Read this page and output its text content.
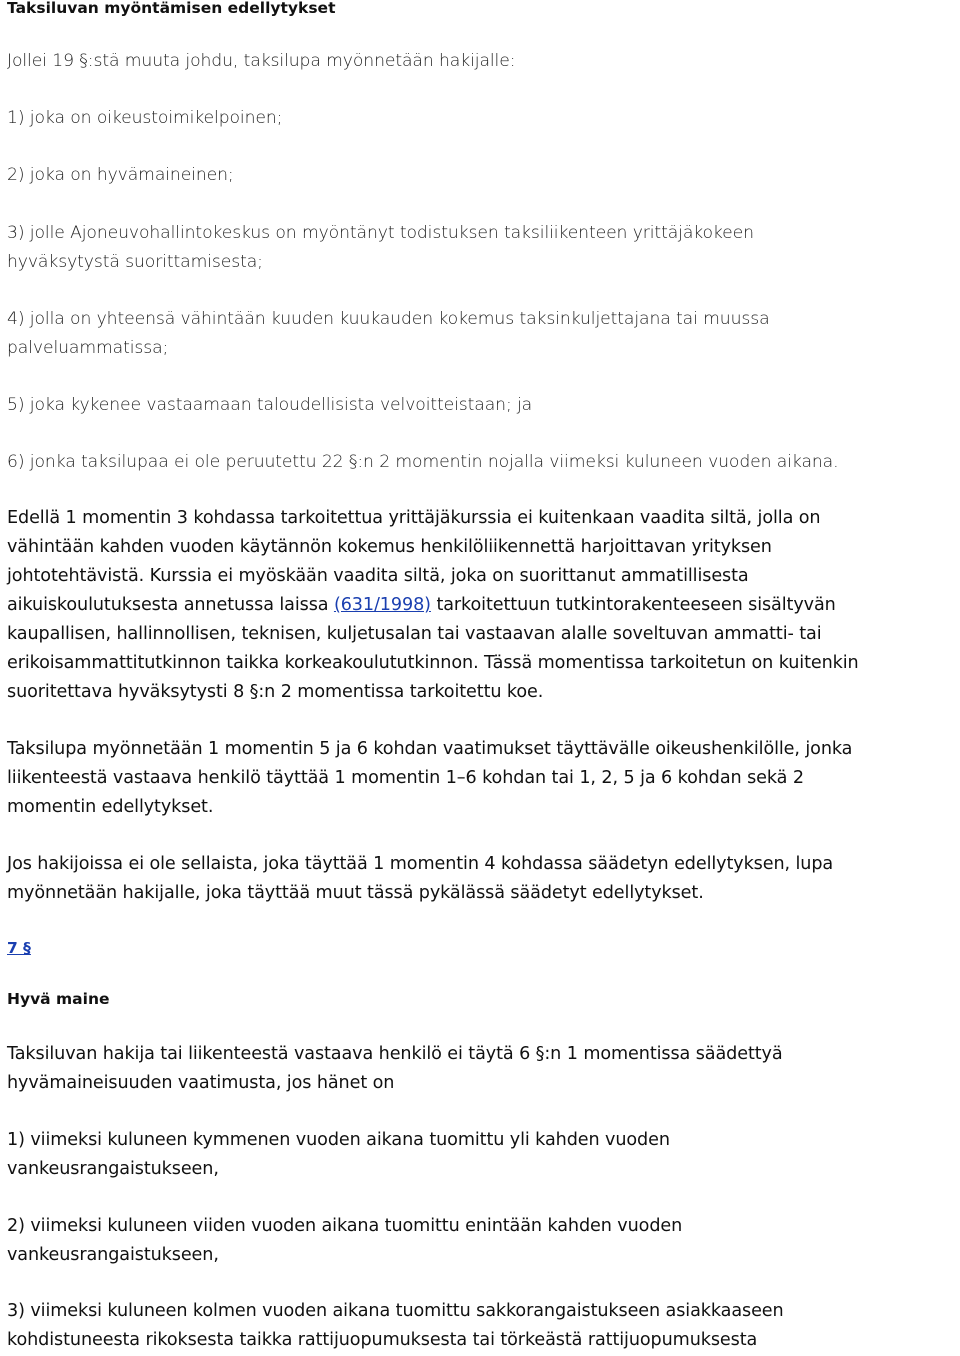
Taksiluvan myöntämisen edellytykset
Jollei 19 §:stä muuta johdu, taksilupa myönnetään hakijalle:
1) joka on oikeustoimikelpoinen;
2) joka on hyvämaineinen;
3) jolle Ajoneuvohallintokeskus on myöntänyt todistuksen taksiliikenteen yrittäjäkokeen
hyväksytystä suorittamisesta;
4) jolla on yhteensä vähintään kuuden kuukauden kokemus taksinkuljettajana tai muussa
palveluammatissa;
5) joka kykenee vastaamaan taloudellisista velvoitteistaan; ja
6) jonka taksilupaa ei ole peruutettu 22 §:n 2 momentin nojalla viimeksi kuluneen vuoden aikana.
Edellä 1 momentin 3 kohdassa tarkoitettua yrittäjäkurssia ei kuitenkaan vaadita siltä, jolla on
vähintään kahden vuoden käytännön kokemus henkilöliikennettä harjoittavan yrityksen
johtotehtävistä. Kurssia ei myöskään vaadita siltä, joka on suorittanut ammatillisesta
aikuiskoulutuksesta annetussa laissa (631/1998) tarkoitettuun tutkintorakenteeseen sisältyvän
kaupallisen, hallinnollisen, teknisen, kuljetusalan tai vastaavan alalle soveltuvan ammatti- tai
erikoisammattitutkinnon taikka korkeakoulututkinnon. Tässä momentissa tarkoitetun on kuitenkin
suoritettava hyväksytysti 8 §:n 2 momentissa tarkoitettu koe.
Taksilupa myönnetään 1 momentin 5 ja 6 kohdan vaatimukset täyttävälle oikeushenkilölle, jonka
liikenteestä vastaava henkilö täyttää 1 momentin 1–6 kohdan tai 1, 2, 5 ja 6 kohdan sekä 2
momentin edellytykset.
Jos hakijoissa ei ole sellaista, joka täyttää 1 momentin 4 kohdassa säädetyn edellytyksen, lupa
myönnetään hakijalle, joka täyttää muut tässä pykälässä säädetyt edellytykset.
7 §
Hyvä maine
Taksiluvan hakija tai liikenteestä vastaava henkilö ei täytä 6 §:n 1 momentissa säädettyä
hyvämaineisuuden vaatimusta, jos hänet on
1) viimeksi kuluneen kymmenen vuoden aikana tuomittu yli kahden vuoden
vankeusrangaistukseen,
2) viimeksi kuluneen viiden vuoden aikana tuomittu enintään kahden vuoden
vankeusrangaistukseen,
3) viimeksi kuluneen kolmen vuoden aikana tuomittu sakkorangaistukseen asiakkaaseen
kohdistuneesta rikoksesta taikka rattijuopumuksesta tai törkeästä rattijuopumuksesta
